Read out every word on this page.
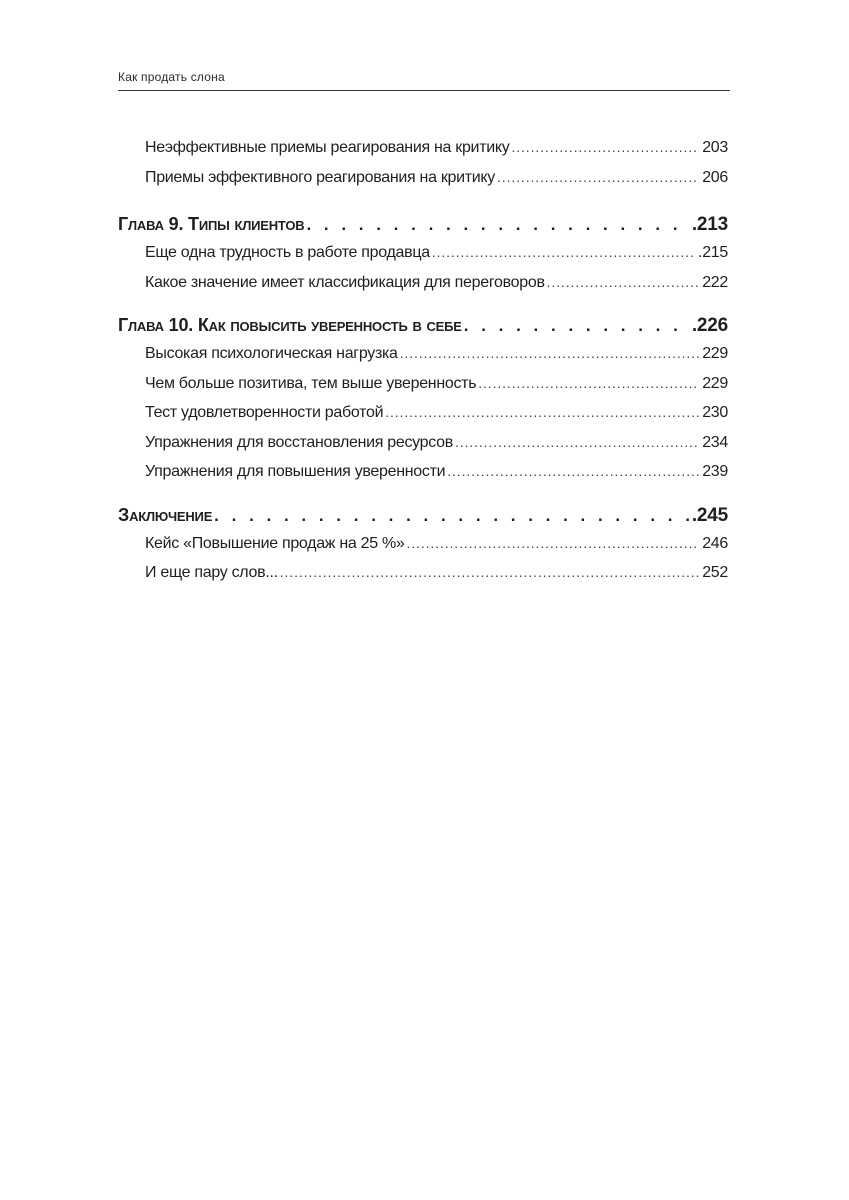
Как продать слона
Неэффективные приемы реагирования на критику . . .	203
Приемы эффективного реагирования на критику . . .	206
Глава 9. Типы клиентов . . .	.213
Еще одна трудность в работе продавца . . .	.215
Какое значение имеет классификация для переговоров . . .	222
Глава 10. Как повысить уверенность в себе . . .	.226
Высокая психологическая нагрузка . . .	229
Чем больше позитива, тем выше уверенность . . .	229
Тест удовлетворенности работой . . .	230
Упражнения для восстановления ресурсов . . .	234
Упражнения для повышения уверенности . . .	239
Заключение . . .	.245
Кейс «Повышение продаж на 25 %» . . .	246
И еще пару слов... . . .	252
